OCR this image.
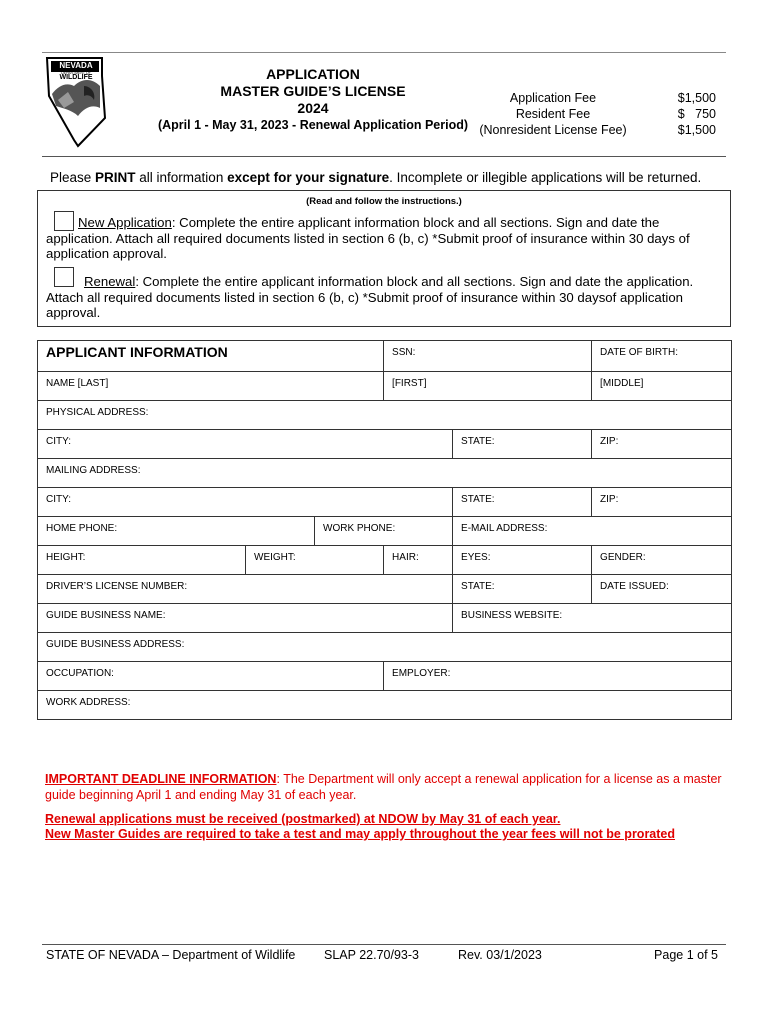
NEVADA
DEPARTMENT OF
WILDLIFE	APPLICATION
MASTER GUIDE’S LICENSE
2024
(April 1 - May 31, 2023 - Renewal Application Period)
Application Fee	$1,500
Resident Fee	$   750
(Nonresident License Fee)	$1,500
Please PRINT all information except for your signature. Incomplete or illegible applications will be returned.
(Read and follow the instructions.)
New Application: Complete the entire applicant information block and all sections. Sign and date the application. Attach all required documents listed in section 6 (b, c) *Submit proof of insurance within 30 days of application approval.
Renewal: Complete the entire applicant information block and all sections. Sign and date the application. Attach all required documents listed in section 6 (b, c) *Submit proof of insurance within 30 daysof application approval.
APPLICANT INFORMATION			SSN:		DATE OF BIRTH:
NAME [LAST]			[FIRST]		[MIDDLE]
PHYSICAL ADDRESS:					
CITY:				STATE:	ZIP:
MAILING ADDRESS:					
CITY:				STATE:	ZIP:
HOME PHONE:		WORK PHONE:		E-MAIL ADDRESS:	
HEIGHT:	WEIGHT:		HAIR:	EYES:	GENDER:
DRIVER’S LICENSE NUMBER:				STATE:	DATE ISSUED:
GUIDE BUSINESS NAME:				BUSINESS WEBSITE:	
GUIDE BUSINESS ADDRESS:					
OCCUPATION:			EMPLOYER:		
WORK ADDRESS:					
IMPORTANT DEADLINE INFORMATION: The Department will only accept a renewal application for a license as a master guide beginning April 1 and ending May 31 of each year.
Renewal applications must be received (postmarked) at NDOW by May 31 of each year.
New Master Guides are required to take a test and may apply throughout the year fees will not be prorated
STATE OF NEVADA – Department of Wildlife SLAP 22.70/93-3	Rev. 03/1/2023	Page 1 of 5
